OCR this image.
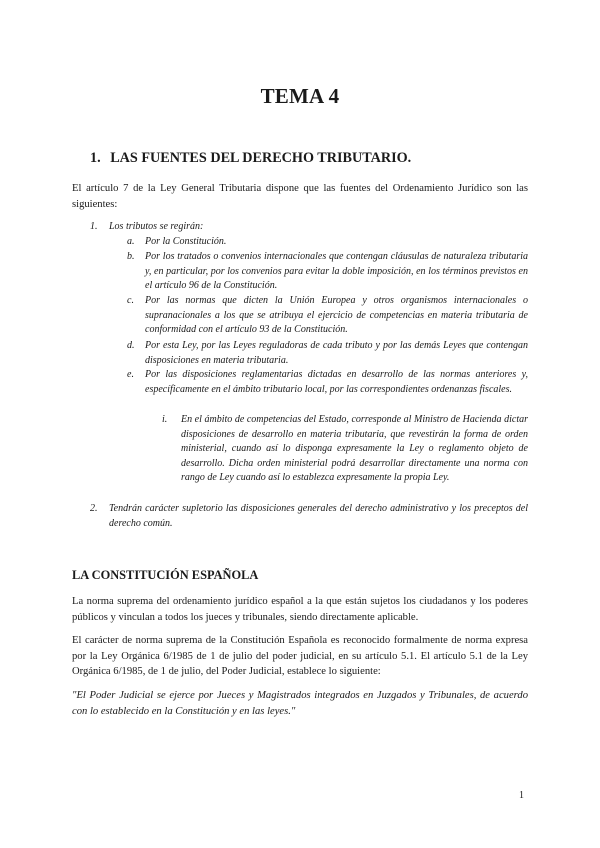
TEMA 4
1. LAS FUENTES DEL DERECHO TRIBUTARIO.
El artículo 7 de la Ley General Tributaria dispone que las fuentes del Ordenamiento Jurídico son las siguientes:
1. Los tributos se regirán:
a. Por la Constitución.
b. Por los tratados o convenios internacionales que contengan cláusulas de naturaleza tributaria y, en particular, por los convenios para evitar la doble imposición, en los términos previstos en el artículo 96 de la Constitución.
c. Por las normas que dicten la Unión Europea y otros organismos internacionales o supranacionales a los que se atribuya el ejercicio de competencias en materia tributaria de conformidad con el artículo 93 de la Constitución.
d. Por esta Ley, por las Leyes reguladoras de cada tributo y por las demás Leyes que contengan disposiciones en materia tributaria.
e. Por las disposiciones reglamentarias dictadas en desarrollo de las normas anteriores y, específicamente en el ámbito tributario local, por las correspondientes ordenanzas fiscales.
i. En el ámbito de competencias del Estado, corresponde al Ministro de Hacienda dictar disposiciones de desarrollo en materia tributaria, que revestirán la forma de orden ministerial, cuando así lo disponga expresamente la Ley o reglamento objeto de desarrollo. Dicha orden ministerial podrá desarrollar directamente una norma con rango de Ley cuando así lo establezca expresamente la propia Ley.
2. Tendrán carácter supletorio las disposiciones generales del derecho administrativo y los preceptos del derecho común.
LA CONSTITUCIÓN ESPAÑOLA
La norma suprema del ordenamiento jurídico español a la que están sujetos los ciudadanos y los poderes públicos y vinculan a todos los jueces y tribunales, siendo directamente aplicable.
El carácter de norma suprema de la Constitución Española es reconocido formalmente de norma expresa por la Ley Orgánica 6/1985 de 1 de julio del poder judicial, en su artículo 5.1. El artículo 5.1 de la Ley Orgánica 6/1985, de 1 de julio, del Poder Judicial, establece lo siguiente:
"El Poder Judicial se ejerce por Jueces y Magistrados integrados en Juzgados y Tribunales, de acuerdo con lo establecido en la Constitución y en las leyes."
1
